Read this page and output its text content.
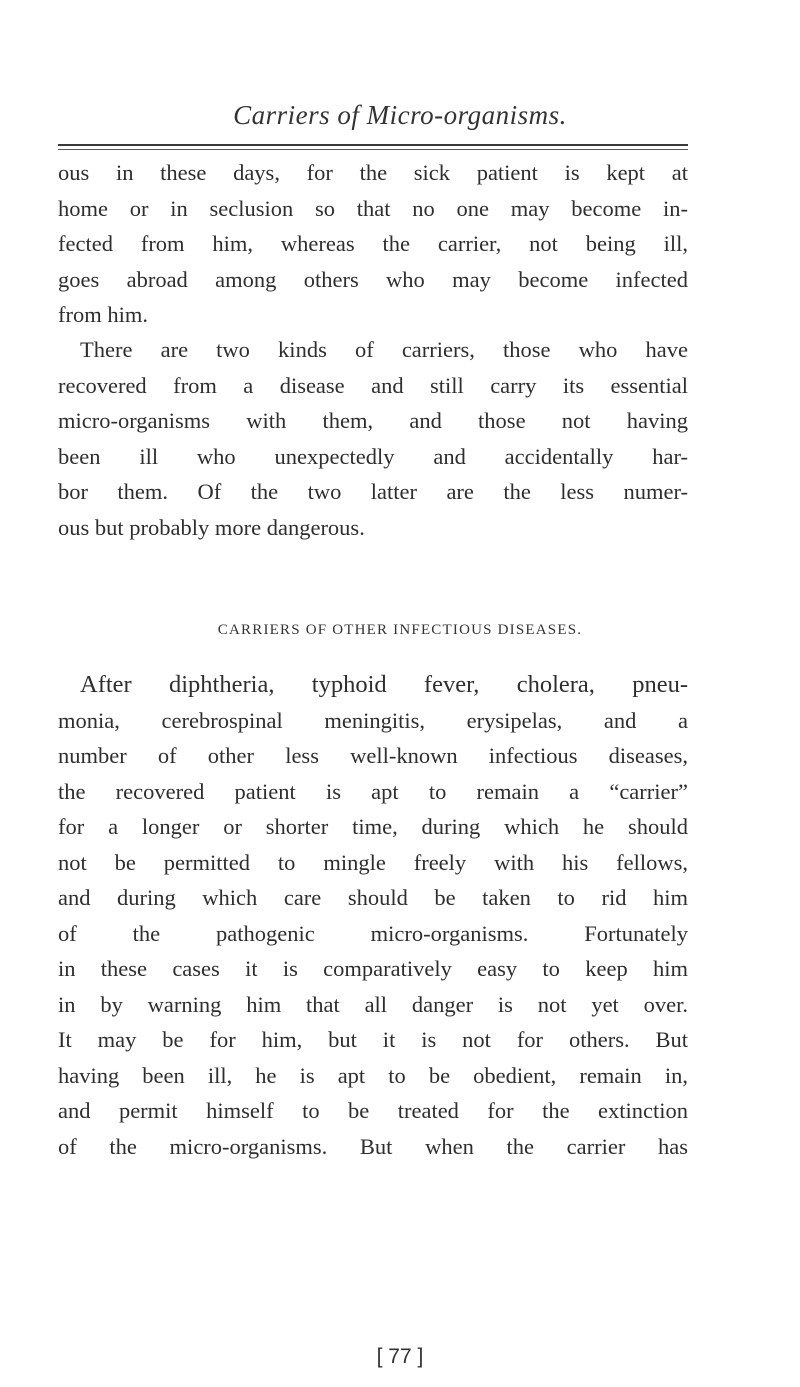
Carriers of Micro-organisms.
ous in these days, for the sick patient is kept at
home or in seclusion so that no one may become in-
fected from him, whereas the carrier, not being ill,
goes abroad among others who may become infected
from him.
There are two kinds of carriers, those who have
recovered from a disease and still carry its essential
micro-organisms with them, and those not having
been ill who unexpectedly and accidentally har-
bor them. Of the two latter are the less numer-
ous but probably more dangerous.
CARRIERS OF OTHER INFECTIOUS DISEASES.
After diphtheria, typhoid fever, cholera, pneu-
monia, cerebrospinal meningitis, erysipelas, and a
number of other less well-known infectious diseases,
the recovered patient is apt to remain a “carrier”
for a longer or shorter time, during which he should
not be permitted to mingle freely with his fellows,
and during which care should be taken to rid him
of the pathogenic micro-organisms. Fortunately
in these cases it is comparatively easy to keep him
in by warning him that all danger is not yet over.
It may be for him, but it is not for others. But
having been ill, he is apt to be obedient, remain in,
and permit himself to be treated for the extinction
of the micro-organisms. But when the carrier has
[ 77 ]
